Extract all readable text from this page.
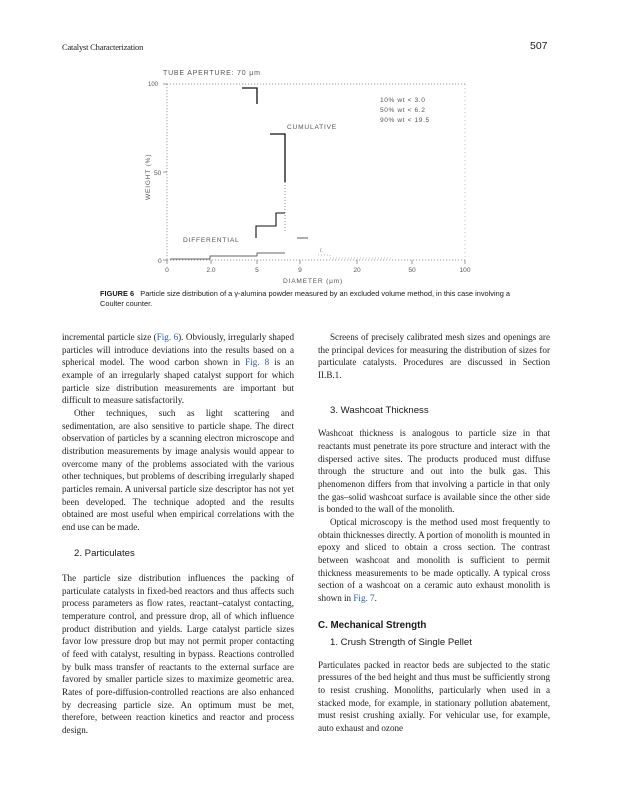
Catalyst Characterization	507
/.
TUBE APERTURE: 70 μm
100
10% wt < 3.0
50% wt < 6.2
90% wt < 19.5
CUMULATIVE
DIFFERENTIAL
WEIGHT (%) 50
0
0	2.0	5	9	20	50	100
DIAMETER (μm)
FIGURE 6 Particle size distribution of a γ-alumina powder measured by an excluded volume method, in this case involving a Coulter counter.

incremental particle size (Fig. 6). Obviously, irregularly shaped particles will introduce deviations into the results based on a spherical model. The wood carbon shown in Fig. 8 is an example of an irregularly shaped catalyst support for which particle size distribution measurements are important but difficult to measure satisfactorily.

Other techniques, such as light scattering and sedimentation, are also sensitive to particle shape. The direct observation of particles by a scanning electron microscope and distribution measurements by image analysis would appear to overcome many of the problems associated with the various other techniques, but problems of describing irregularly shaped particles remain. A universal particle size descriptor has not yet been developed. The technique adopted and the results obtained are most useful when empirical correlations with the end use can be made.

2. Particulates

The particle size distribution influences the packing of particulate catalysts in fixed-bed reactors and thus affects such process parameters as flow rates, reactant–catalyst contacting, temperature control, and pressure drop, all of which influence product distribution and yields. Large catalyst particle sizes favor low pressure drop but may not permit proper contacting of feed with catalyst, resulting in bypass. Reactions controlled by bulk mass transfer of reactants to the external surface are favored by smaller particle sizes to maximize geometric area. Rates of pore-diffusion-controlled reactions are also enhanced by decreasing particle size. An optimum must be met, therefore, between reaction kinetics and reactor and process design.

Screens of precisely calibrated mesh sizes and openings are the principal devices for measuring the distribution of sizes for particulate catalysts. Procedures are discussed in Section II.B.1.

3. Washcoat Thickness

Washcoat thickness is analogous to particle size in that reactants must penetrate its pore structure and interact with the dispersed active sites. The products produced must diffuse through the structure and out into the bulk gas. This phenomenon differs from that involving a particle in that only the gas–solid washcoat surface is available since the other side is bonded to the wall of the monolith.

Optical microscopy is the method used most frequently to obtain thicknesses directly. A portion of monolith is mounted in epoxy and sliced to obtain a cross section. The contrast between washcoat and monolith is sufficient to permit thickness measurements to be made optically. A typical cross section of a washcoat on a ceramic auto exhaust monolith is shown in Fig. 7.

C. Mechanical Strength

1. Crush Strength of Single Pellet

Particulates packed in reactor beds are subjected to the static pressures of the bed height and thus must be sufficiently strong to resist crushing. Monoliths, particularly when used in a stacked mode, for example, in stationary pollution abatement, must resist crushing axially. For vehicular use, for example, auto exhaust and ozone
